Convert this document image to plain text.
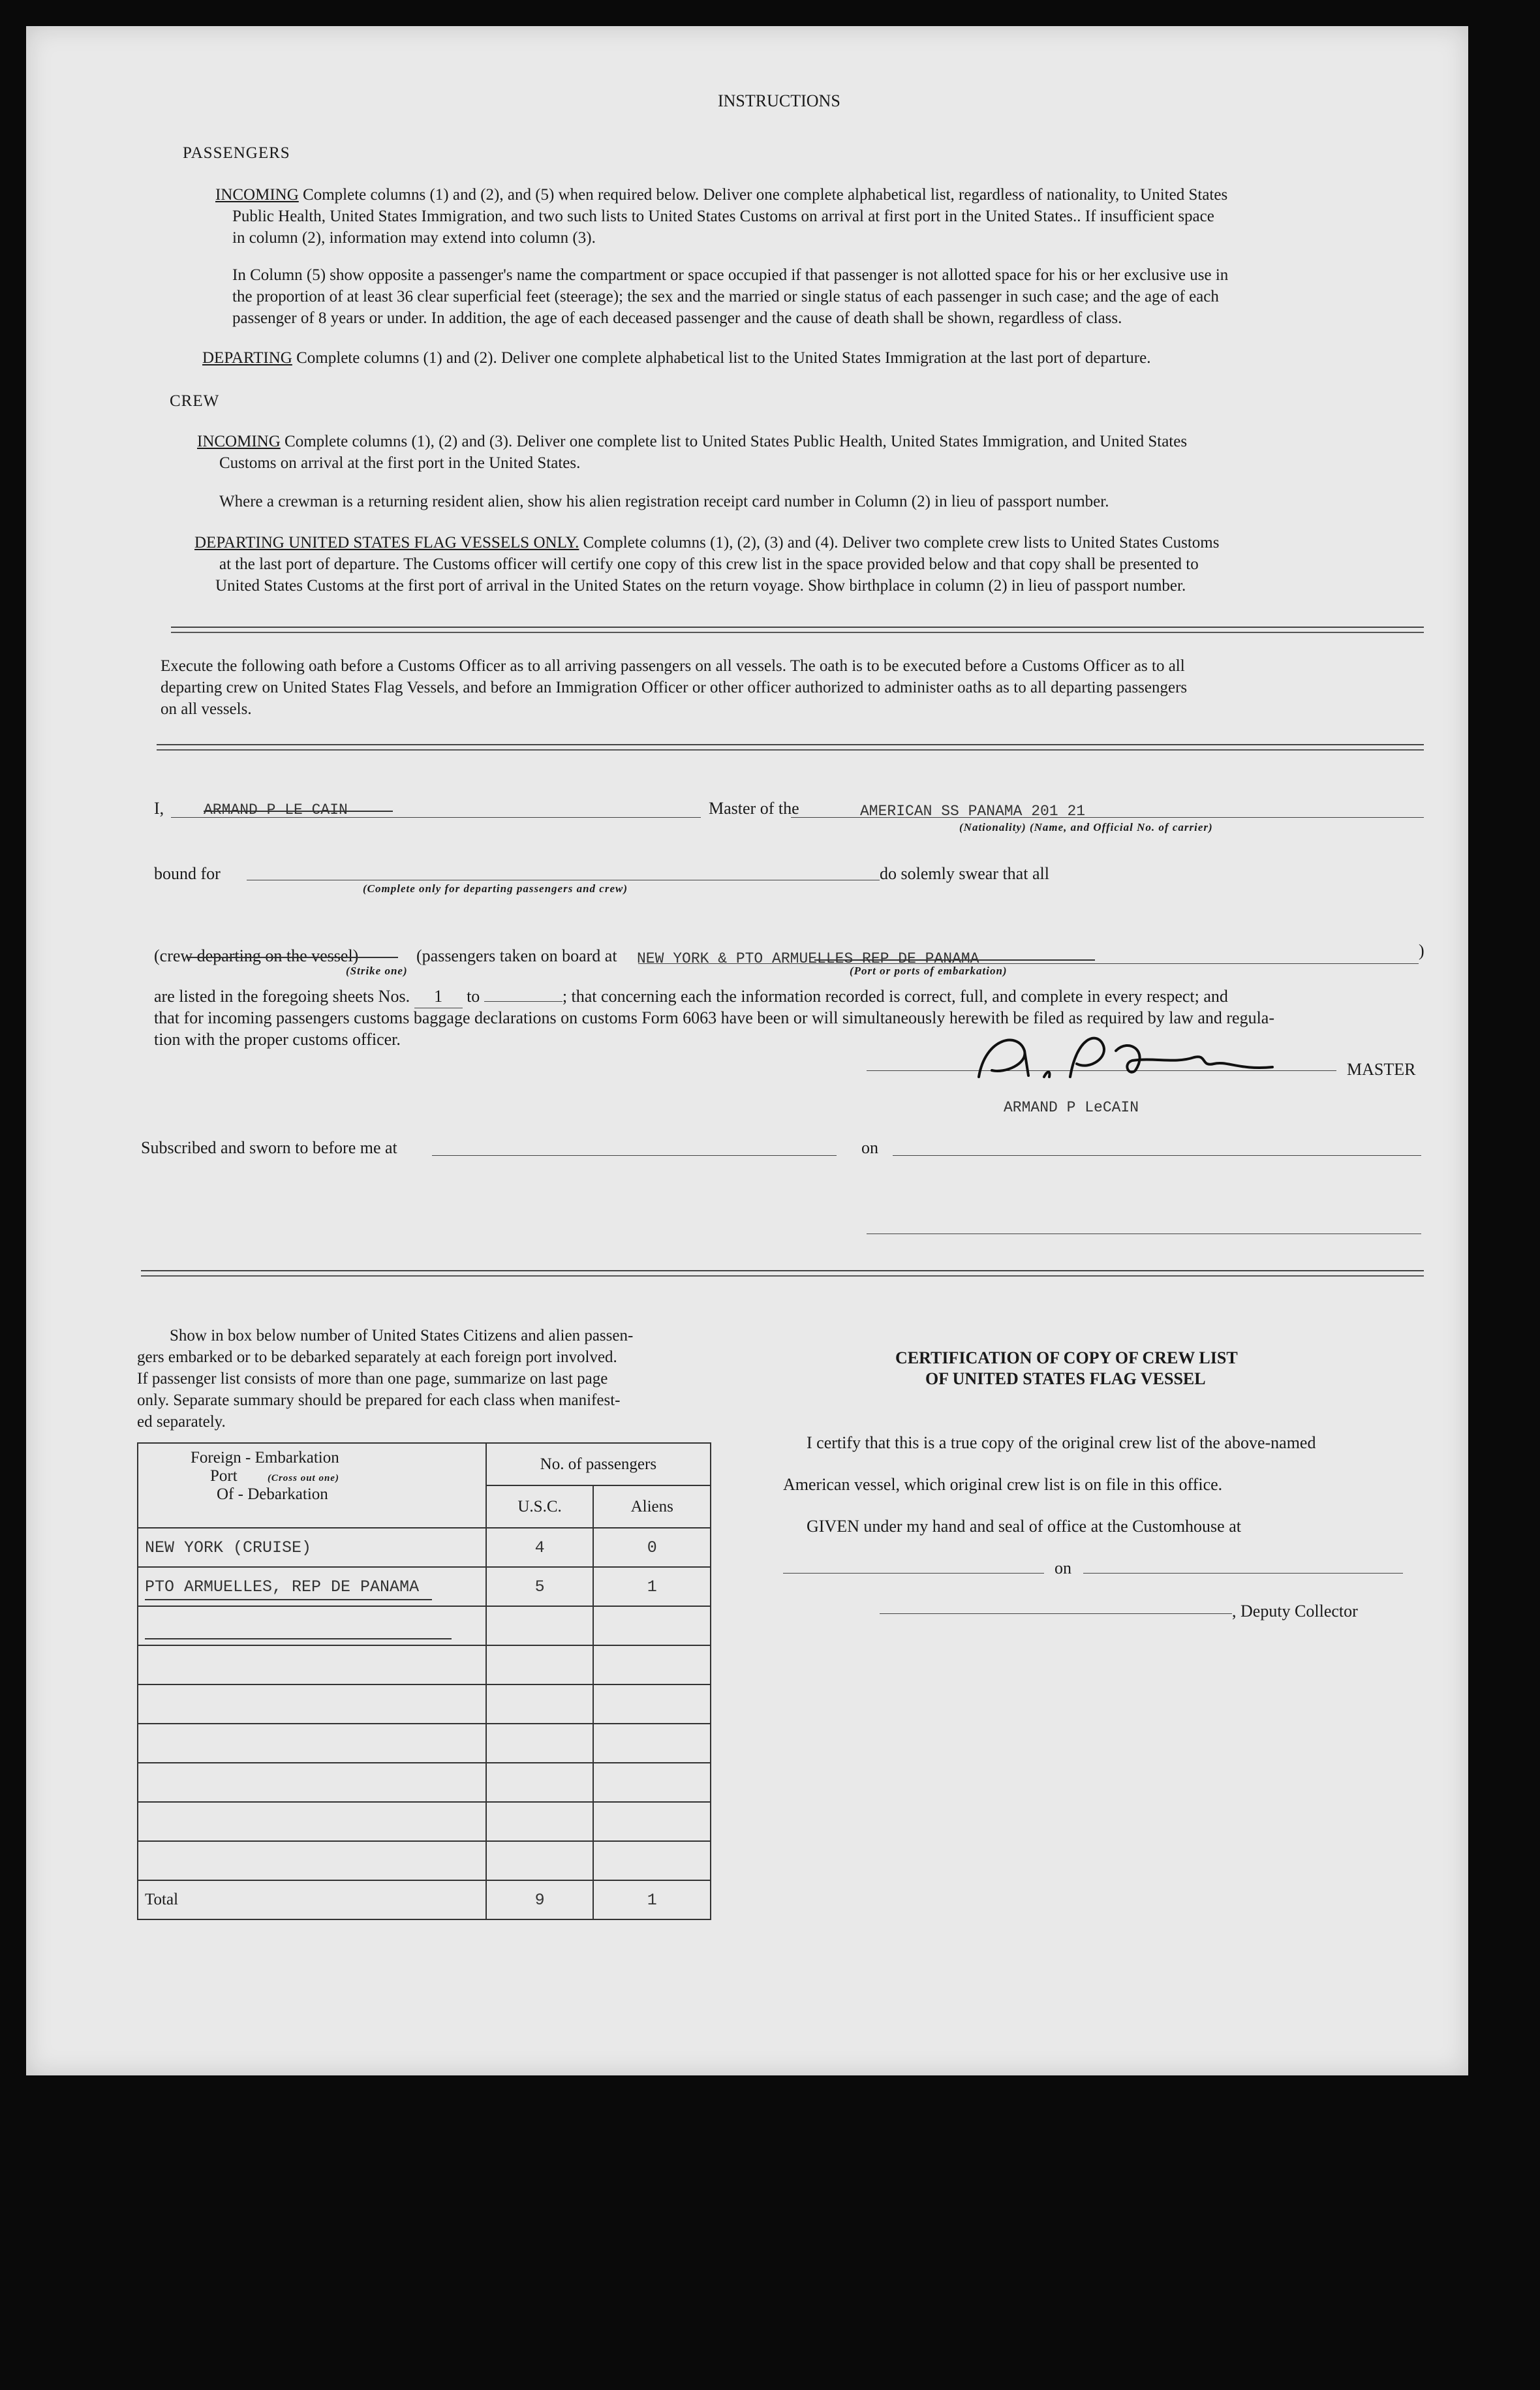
INSTRUCTIONS
PASSENGERS
INCOMING Complete columns (1) and (2), and (5) when required below. Deliver one complete alphabetical list, regardless of nationality, to United States
Public Health, United States Immigration, and two such lists to United States Customs on arrival at first port in the United States.. If insufficient space
in column (2), information may extend into column (3).
In Column (5) show opposite a passenger's name the compartment or space occupied if that passenger is not allotted space for his or her exclusive use in
the proportion of at least 36 clear superficial feet (steerage); the sex and the married or single status of each passenger in such case; and the age of each
passenger of 8 years or under. In addition, the age of each deceased passenger and the cause of death shall be shown, regardless of class.
DEPARTING Complete columns (1) and (2). Deliver one complete alphabetical list to the United States Immigration at the last port of departure.
CREW
INCOMING Complete columns (1), (2) and (3). Deliver one complete list to United States Public Health, United States Immigration, and United States
Customs on arrival at the first port in the United States.
Where a crewman is a returning resident alien, show his alien registration receipt card number in Column (2) in lieu of passport number.
DEPARTING UNITED STATES FLAG VESSELS ONLY. Complete columns (1), (2), (3) and (4). Deliver two complete crew lists to United States Customs
at the last port of departure. The Customs officer will certify one copy of this crew list in the space provided below and that copy shall be presented to
United States Customs at the first port of arrival in the United States on the return voyage. Show birthplace in column (2) in lieu of passport number.
Execute the following oath before a Customs Officer as to all arriving passengers on all vessels. The oath is to be executed before a Customs Officer as to all
departing crew on United States Flag Vessels, and before an Immigration Officer or other officer authorized to administer oaths as to all departing passengers
on all vessels.
I,	ARMAND P LE CAIN	Master of the	AMERICAN SS PANAMA 201 21
(Nationality) (Name, and Official No. of carrier)
bound for
(Complete only for departing passengers and crew)
do solemly swear that all
(crew departing on the vessel)
(Strike one)
(passengers taken on board at NEW YORK & PTO ARMUELLES REP DE PANAMA
(Port or ports of embarkation)
)
are listed in the foregoing sheets Nos. 1 to	; that concerning each the information recorded is correct, full, and complete in every respect; and
that for incoming passengers customs baggage declarations on customs Form 6063 have been or will simultaneously herewith be filed as required by law and regula-
tion with the proper customs officer.
MASTER
ARMAND P LeCAIN
Subscribed and sworn to before me at	on
Show in box below number of United States Citizens and alien passen-
gers embarked or to be debarked separately at each foreign port involved.
If passenger list consists of more than one page, summarize on last page
only. Separate summary should be prepared for each class when manifest-
ed separately.
Foreign - Embarkation
Port (Cross out one)
Of - Debarkation	No. of passengers	
	U.S.C.	Aliens
NEW YORK (CRUISE)	4	0
PTO ARMUELLES, REP DE PANAMA	5	1

Total	9	1
CERTIFICATION OF COPY OF CREW LIST
OF UNITED STATES FLAG VESSEL
I certify that this is a true copy of the original crew list of the above-named
American vessel, which original crew list is on file in this office.
GIVEN under my hand and seal of office at the Customhouse at
on
, Deputy Collector
